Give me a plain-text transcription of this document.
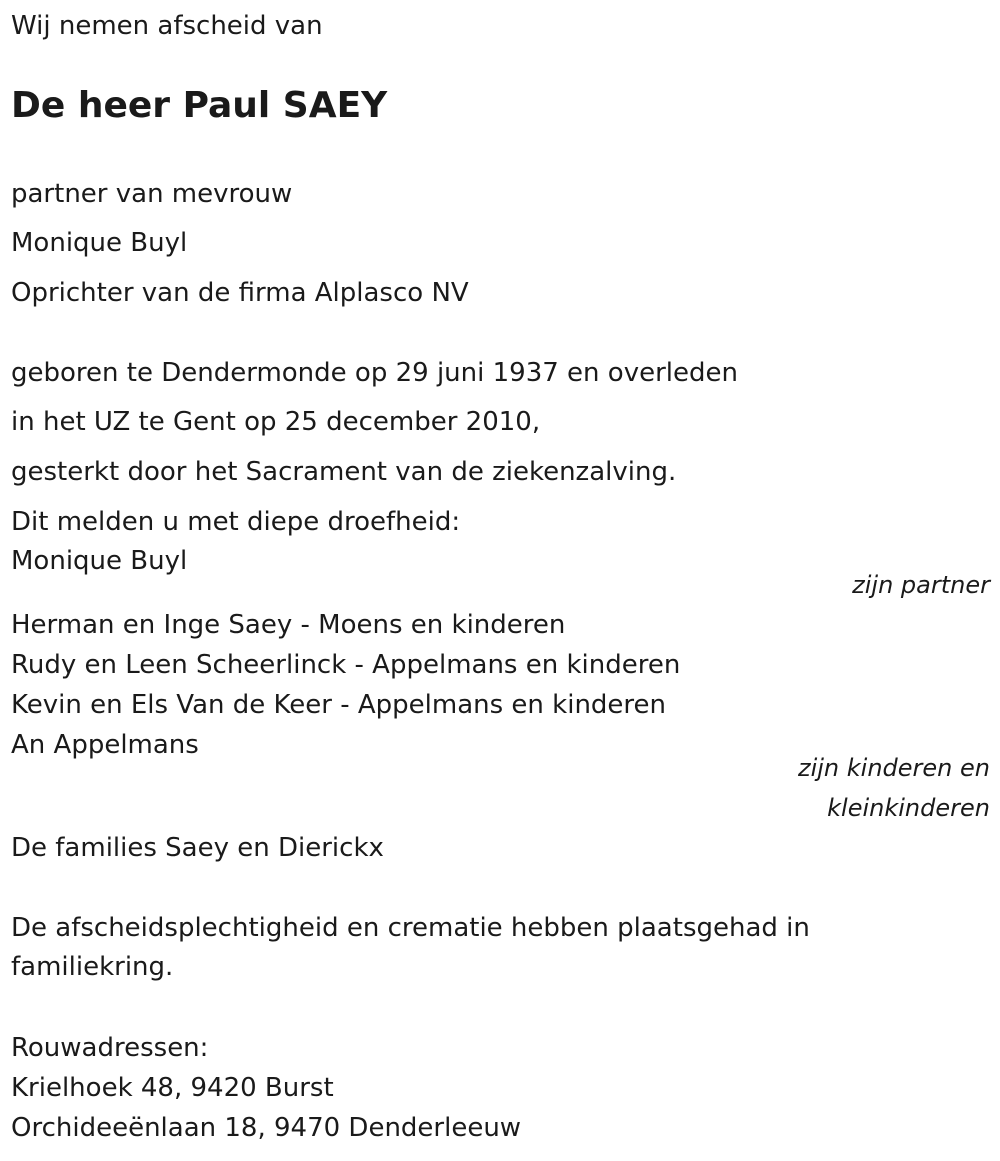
Wij nemen afscheid van
De heer Paul SAEY
partner van mevrouw
Monique Buyl
Oprichter van de firma Alplasco NV
geboren te Dendermonde op 29 juni 1937 en overleden
in het UZ te Gent op 25 december 2010,
gesterkt door het Sacrament van de ziekenzalving.
Dit melden u met diepe droefheid:
Monique Buyl
zijn partner
Herman en Inge Saey - Moens en kinderen
Rudy en Leen Scheerlinck - Appelmans en kinderen
Kevin en Els Van de Keer - Appelmans en kinderen
An Appelmans
zijn kinderen en
kleinkinderen
De families Saey en Dierickx
De afscheidsplechtigheid en crematie hebben plaatsgehad in
familiekring.
Rouwadressen:
Krielhoek 48, 9420 Burst
Orchideeënlaan 18, 9470 Denderleeuw
